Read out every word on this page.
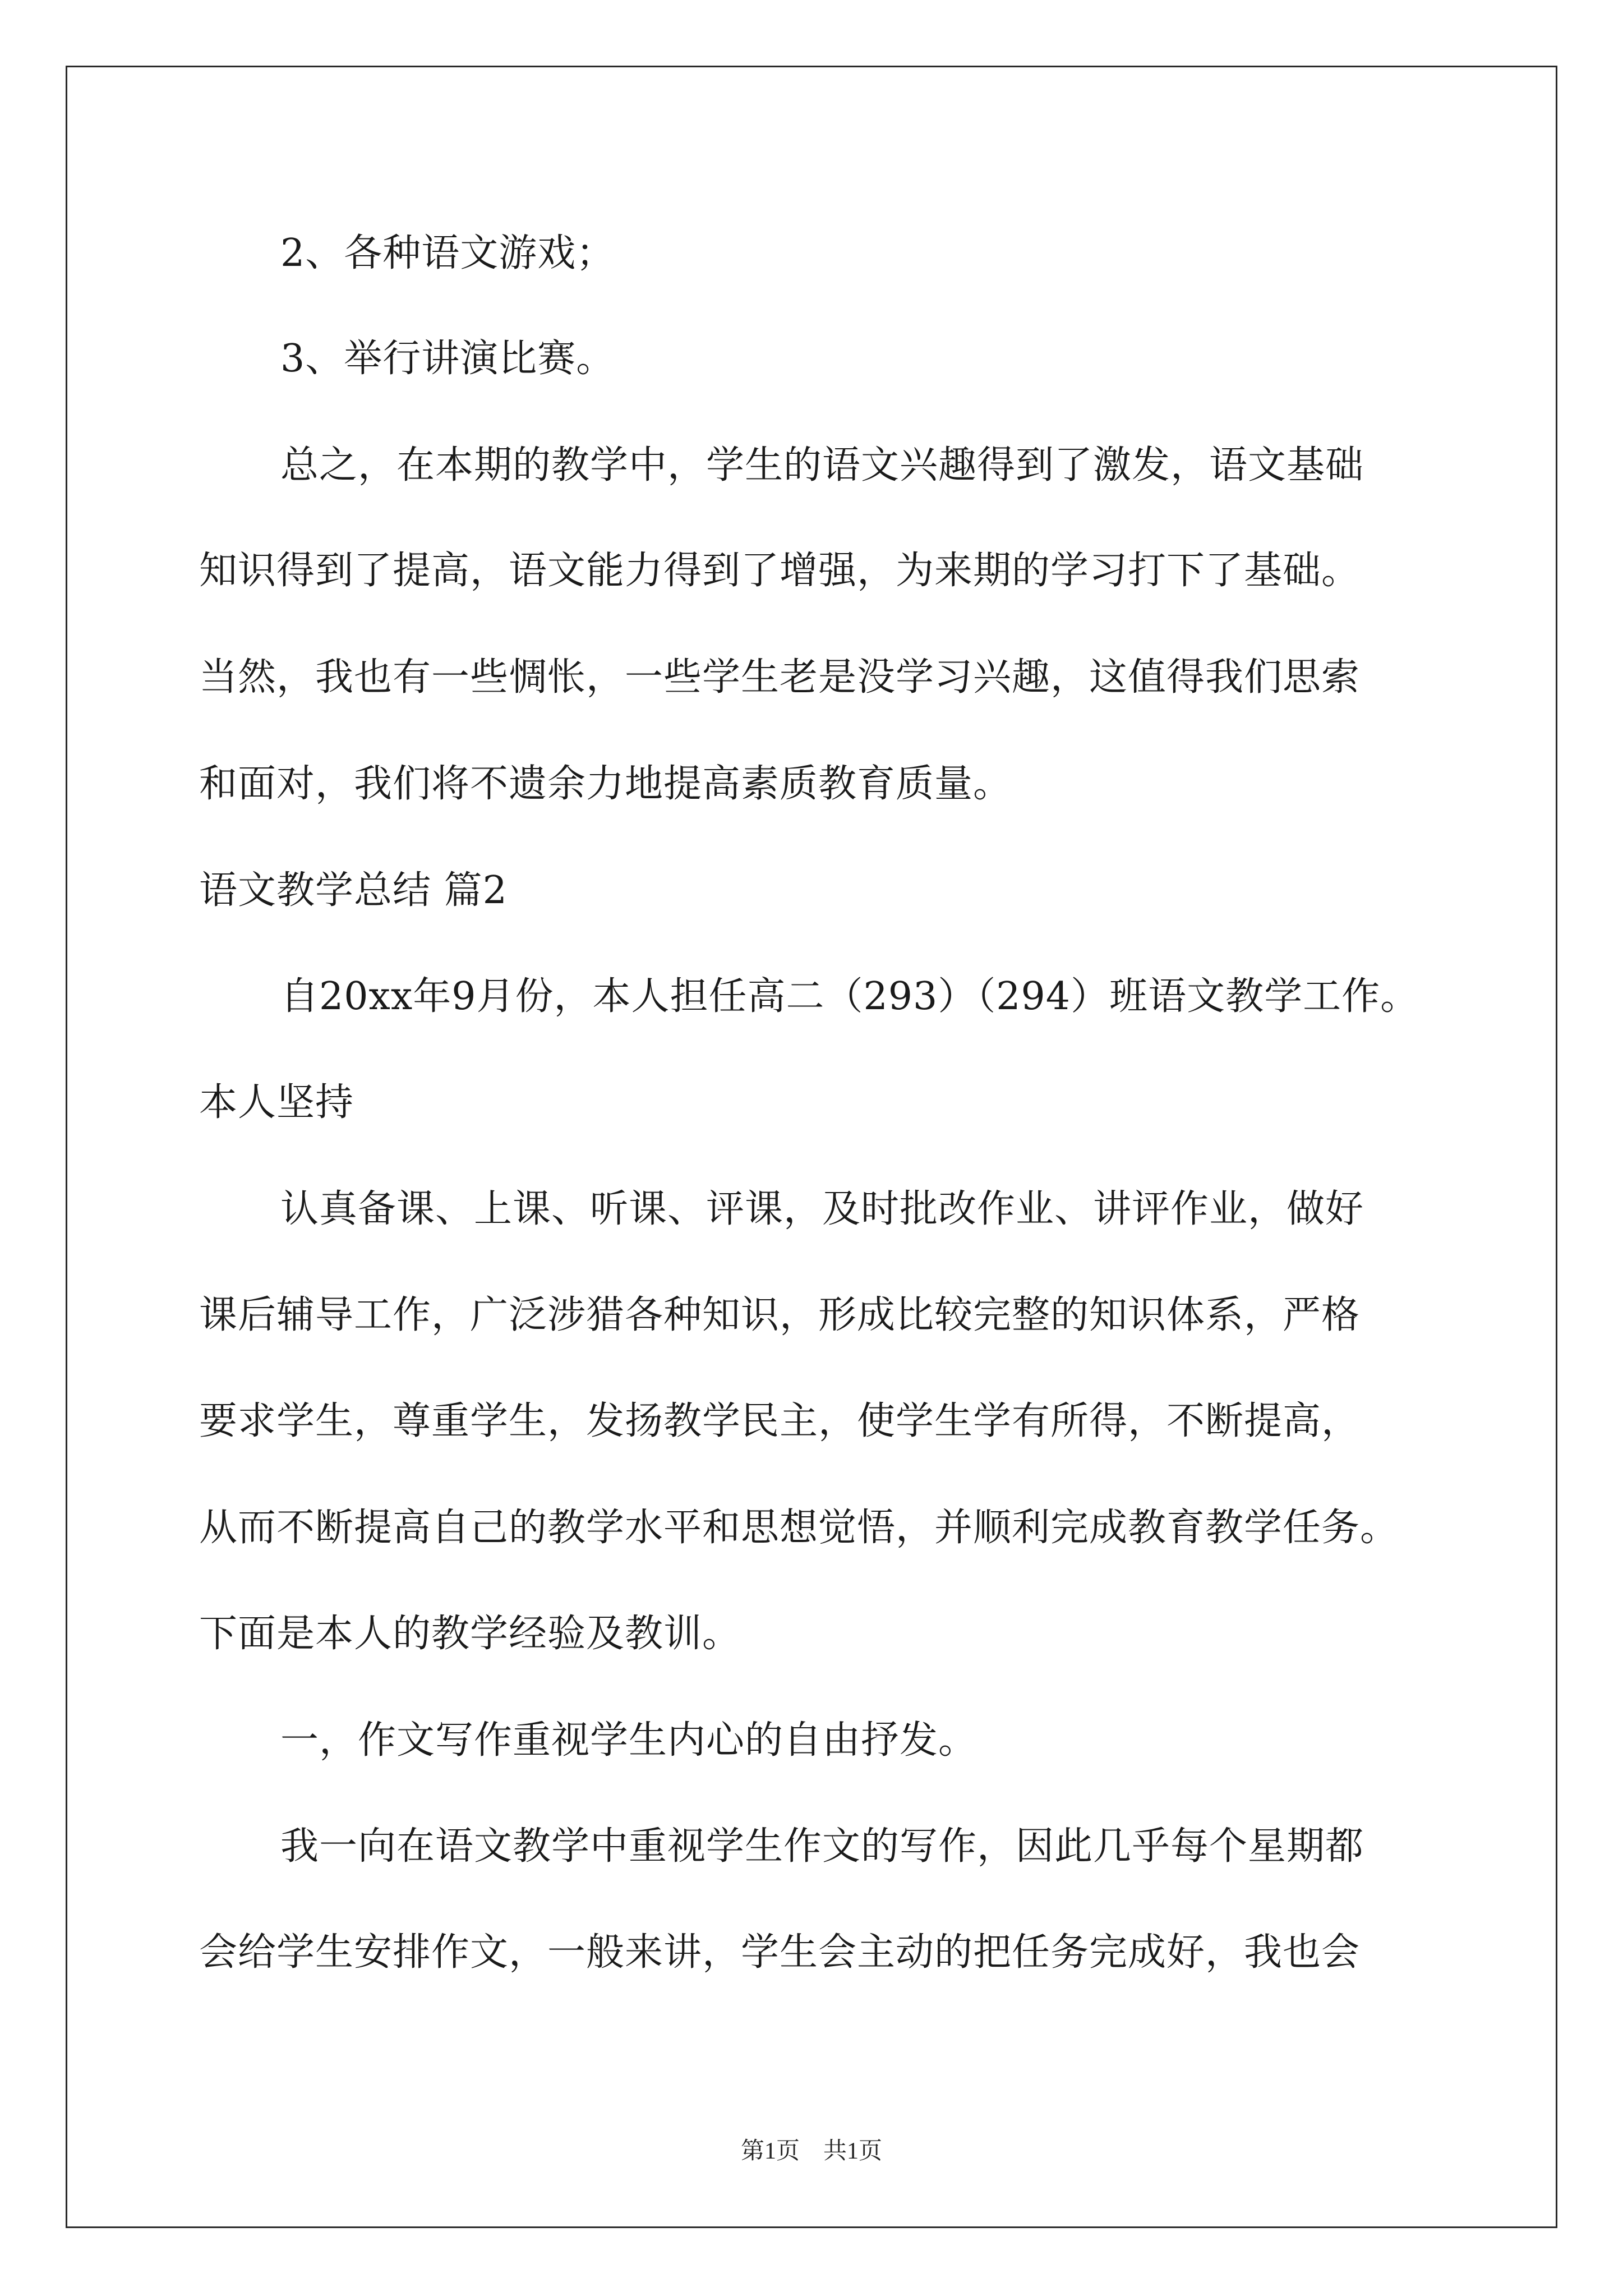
2、各种语文游戏；
3、举行讲演比赛。
总之，在本期的教学中，学生的语文兴趣得到了激发，语文基础
知识得到了提高，语文能力得到了增强，为来期的学习打下了基础。
当然，我也有一些惆怅，一些学生老是没学习兴趣，这值得我们思索
和面对，我们将不遗余力地提高素质教育质量。
语文教学总结 篇2
自20xx年9月份，本人担任高二（293）（294）班语文教学工作。
本人坚持
认真备课、上课、听课、评课，及时批改作业、讲评作业，做好
课后辅导工作，广泛涉猎各种知识，形成比较完整的知识体系，严格
要求学生，尊重学生，发扬教学民主，使学生学有所得，不断提高，
从而不断提高自己的教学水平和思想觉悟，并顺利完成教育教学任务。
下面是本人的教学经验及教训。
一，作文写作重视学生内心的自由抒发。
我一向在语文教学中重视学生作文的写作，因此几乎每个星期都
会给学生安排作文，一般来讲，学生会主动的把任务完成好，我也会
第1页　共1页
